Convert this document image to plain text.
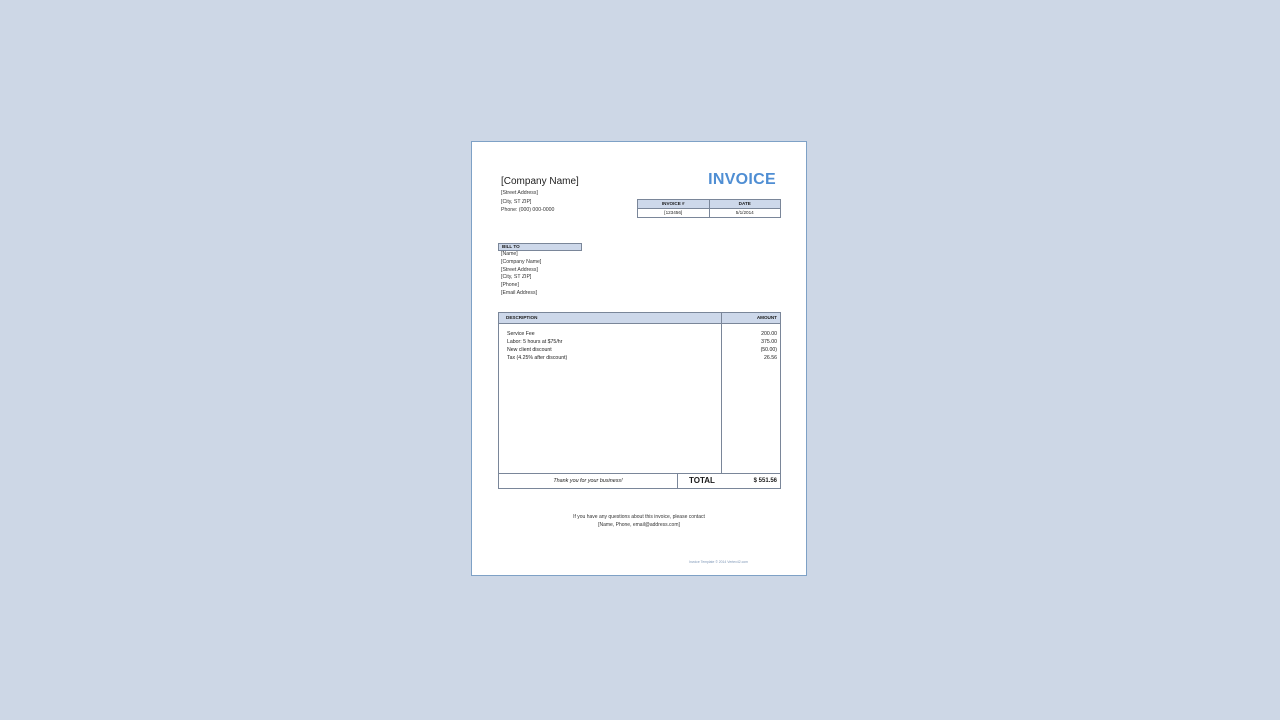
[Company Name]
[Street Address]
[City, ST ZIP]
Phone: (000) 000-0000
INVOICE
INVOICE #	DATE
[123456]	5/1/2014
BILL TO
[Name]
[Company Name]
[Street Address]
[City, ST ZIP]
[Phone]
[Email Address]
DESCRIPTION	AMOUNT
Service Fee	200.00
Labor: 5 hours at $75/hr	375.00
New client discount	(50.00)
Tax (4.25% after discount)	26.56
Thank you for your business!	TOTAL	$ 551.56
If you have any questions about this invoice, please contact
[Name, Phone, email@address.com]
Invoice Template © 2014 Vertex42.com
